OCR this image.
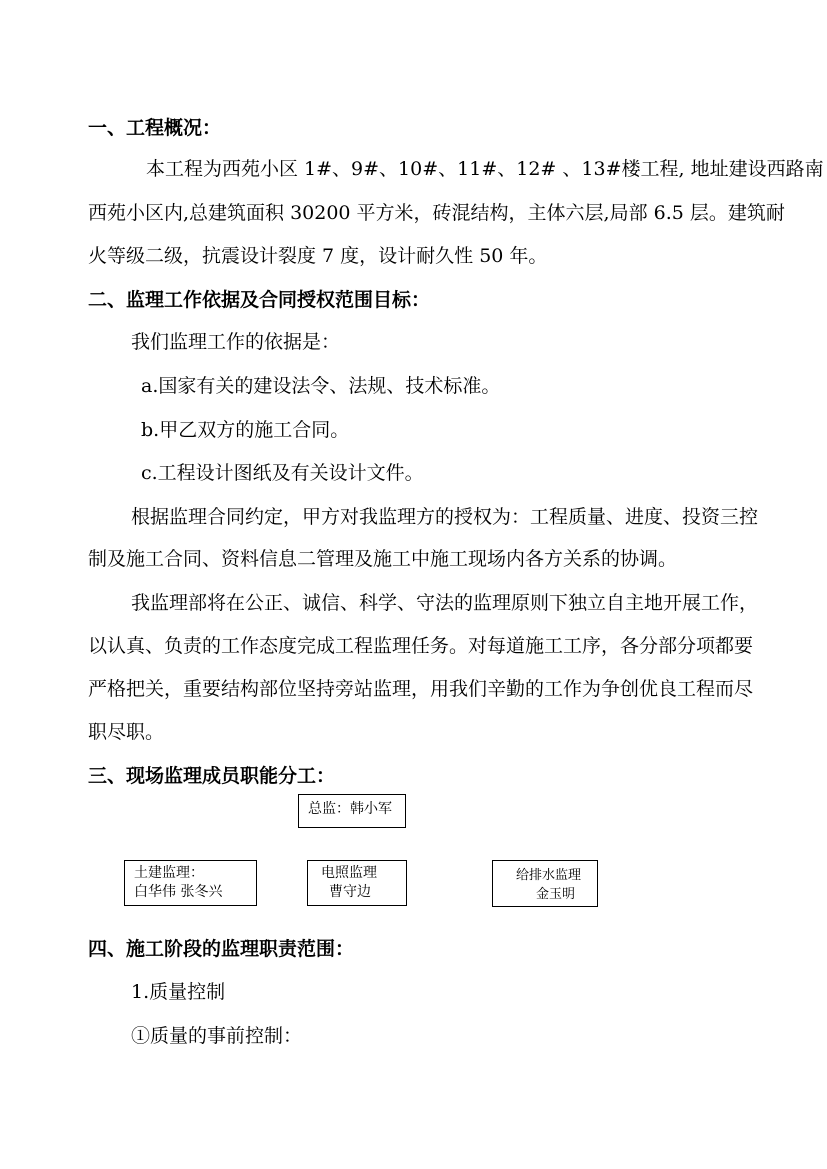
一、工程概况：

本工程为西苑小区 1#、9#、10#、11#、12# 、13#楼工程, 地址建设西路南

西苑小区内,总建筑面积 30200 平方米，砖混结构，主体六层,局部 6.5 层。建筑耐

火等级二级，抗震设计裂度 7 度，设计耐久性 50 年。

二、监理工作依据及合同授权范围目标：

我们监理工作的依据是：

a.国家有关的建设法令、法规、技术标准。

b.甲乙双方的施工合同。

c.工程设计图纸及有关设计文件。

根据监理合同约定，甲方对我监理方的授权为：工程质量、进度、投资三控

制及施工合同、资料信息二管理及施工中施工现场内各方关系的协调。

我监理部将在公正、诚信、科学、守法的监理原则下独立自主地开展工作，

以认真、负责的工作态度完成工程监理任务。对每道施工工序，各分部分项都要

严格把关，重要结构部位坚持旁站监理，用我们辛勤的工作为争创优良工程而尽

职尽职。

三、现场监理成员职能分工：

总监：韩小军
土建监理：
白华伟 张冬兴
电照监理
曹守边
给排水监理
金玉明

四、施工阶段的监理职责范围：

1.质量控制

①质量的事前控制：
